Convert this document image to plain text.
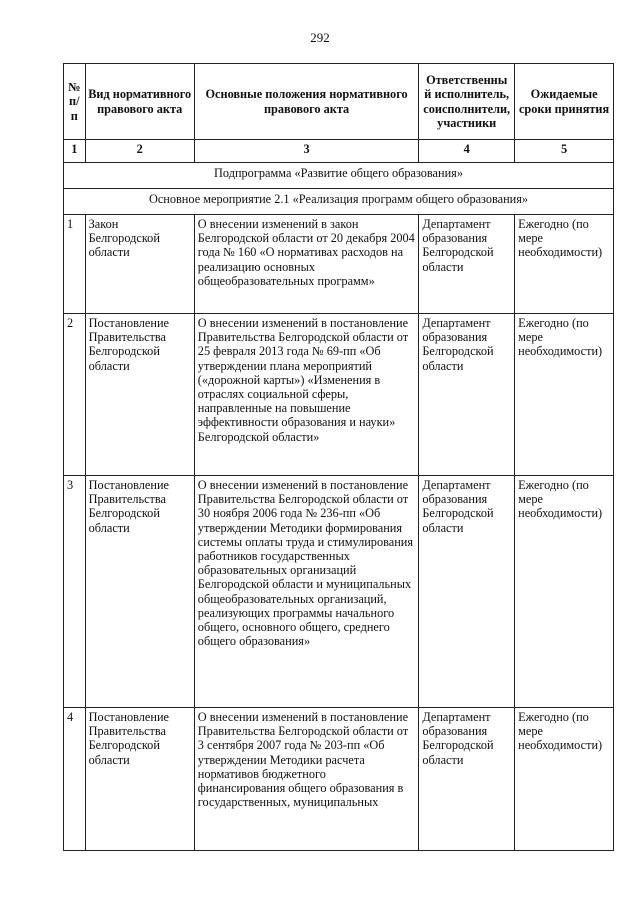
292
№ п/п	Вид нормативного правового акта	Основные положения нормативного правового акта	Ответственны й исполнитель, соисполнители, участники	Ожидаемые сроки принятия
1	2	3	4	5
Подпрограмма «Развитие общего образования»				
Основное мероприятие 2.1 «Реализация программ общего образования»				
1	Закон Белгородской области	О внесении изменений в закон Белгородской области от 20 декабря 2004 года № 160 «О нормативах расходов на реализацию основных общеобразовательных программ»	Департамент образования Белгородской области	Ежегодно (по мере необходимости)
2	Постановление Правительства Белгородской области	О внесении изменений в постановление Правительства Белгородской области от 25 февраля 2013 года № 69-пп «Об утверждении плана мероприятий («дорожной карты») «Изменения в отраслях социальной сферы, направленные на повышение эффективности образования и науки» Белгородской области»	Департамент образования Белгородской области	Ежегодно (по мере необходимости)
3	Постановление Правительства Белгородской области	О внесении изменений в постановление Правительства Белгородской области от 30 ноября 2006 года № 236-пп «Об утверждении Методики формирования системы оплаты труда и стимулирования работников государственных образовательных организаций Белгородской области и муниципальных общеобразовательных организаций, реализующих программы начального общего, основного общего, среднего общего образования»	Департамент образования Белгородской области	Ежегодно (по мере необходимости)
4	Постановление Правительства Белгородской области	О внесении изменений в постановление Правительства Белгородской области от 3 сентября 2007 года № 203-пп «Об утверждении Методики расчета нормативов бюджетного финансирования общего образования в государственных, муниципальных	Департамент образования Белгородской области	Ежегодно (по мере необходимости)
